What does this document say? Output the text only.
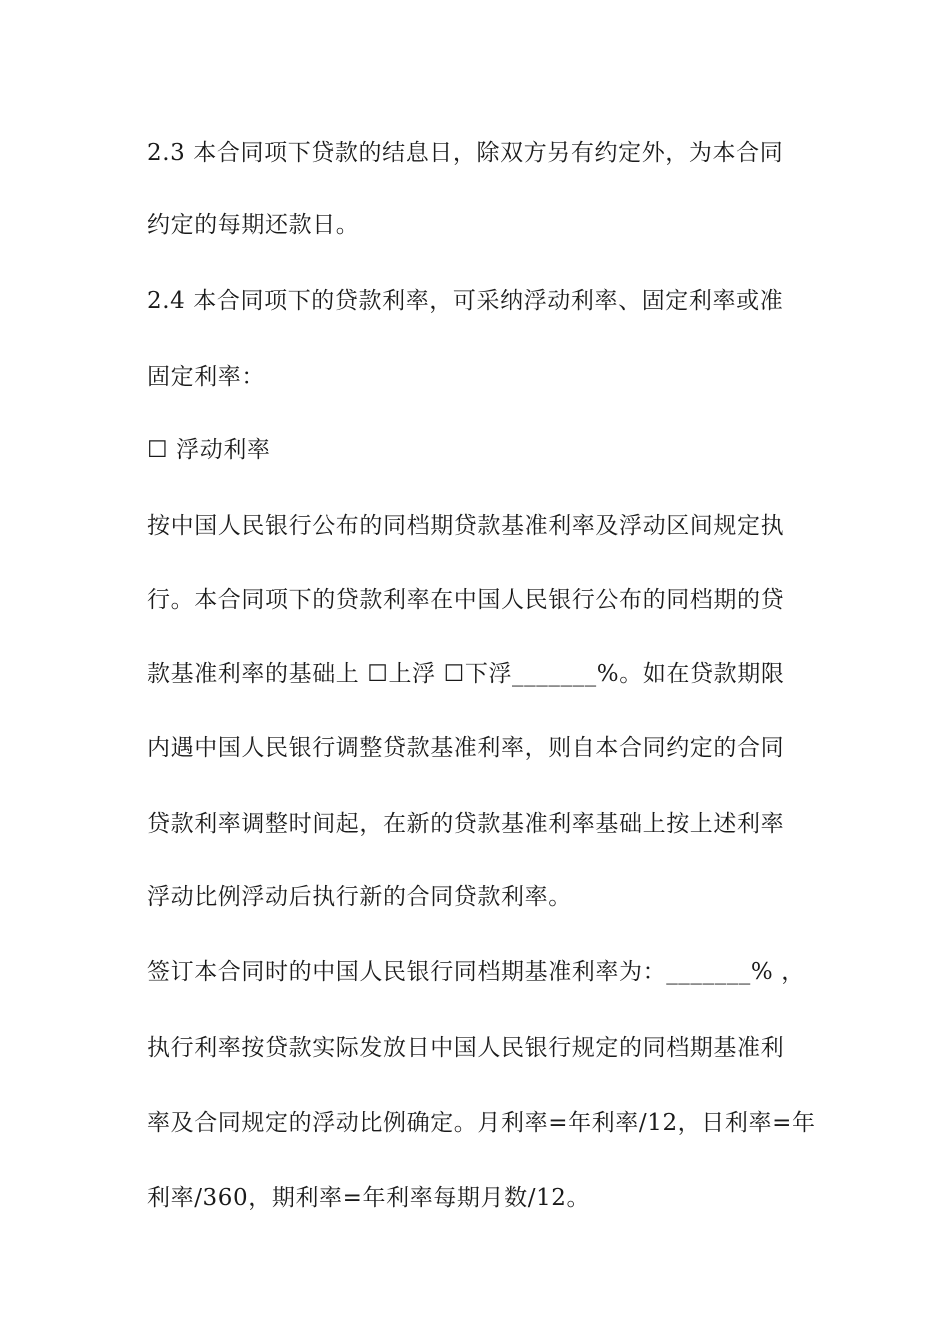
2.3 本合同项下贷款的结息日，除双方另有约定外，为本合同
约定的每期还款日。
2.4 本合同项下的贷款利率，可采纳浮动利率、固定利率或准
固定利率：
☐ 浮动利率
按中国人民银行公布的同档期贷款基准利率及浮动区间规定执
行。本合同项下的贷款利率在中国人民银行公布的同档期的贷
款基准利率的基础上 ☐上浮 ☐下浮_______%。如在贷款期限
内遇中国人民银行调整贷款基准利率，则自本合同约定的合同
贷款利率调整时间起，在新的贷款基准利率基础上按上述利率
浮动比例浮动后执行新的合同贷款利率。
签订本合同时的中国人民银行同档期基准利率为：_______% ，
执行利率按贷款实际发放日中国人民银行规定的同档期基准利
率及合同规定的浮动比例确定。月利率=年利率/12，日利率=年
利率/360，期利率=年利率每期月数/12。
